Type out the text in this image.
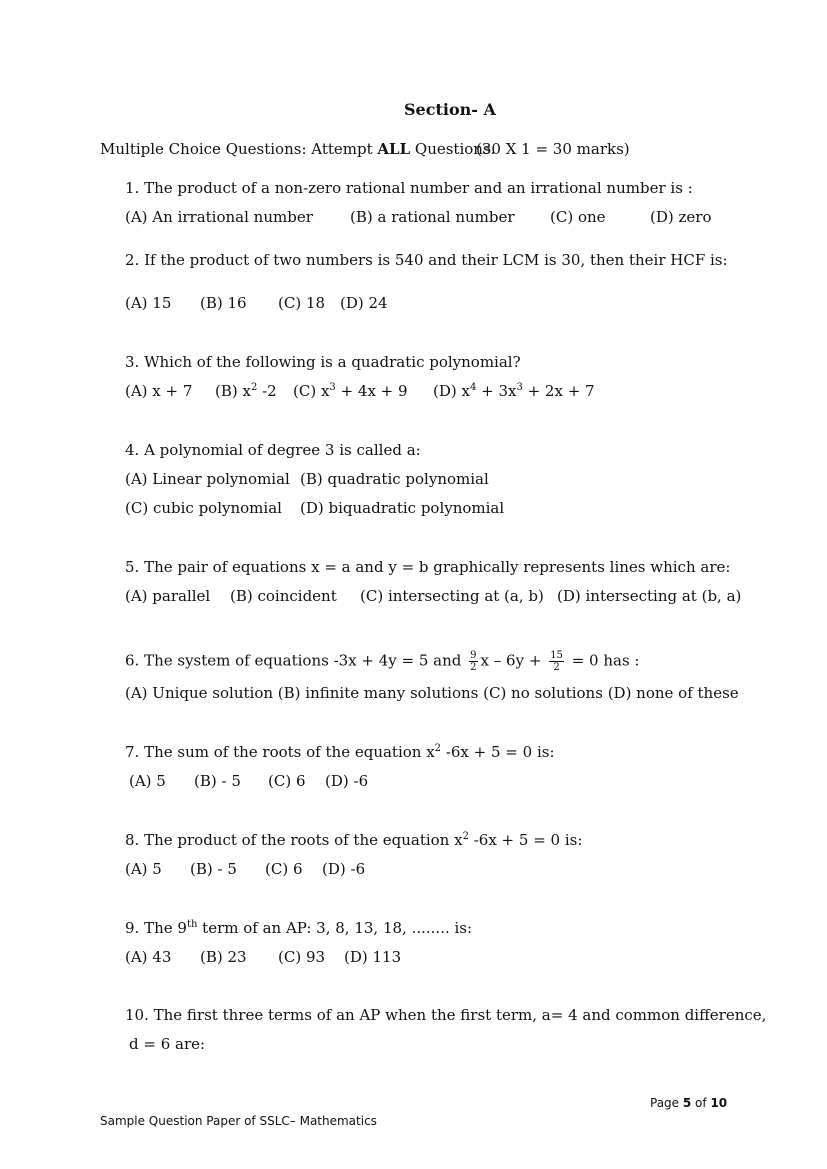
Section- A
Multiple Choice Questions: Attempt ALL Questions.
(30 X 1 = 30 marks)
1. The product of a non-zero rational number and an irrational number is :
(A) An irrational number (B) a rational number (C) one	(D) zero
2. If the product of two numbers is 540 and their LCM is 30, then their HCF is:
(A) 15 (B) 16 (C) 18 (D) 24
3. Which of the following is a quadratic polynomial?
(A) x + 7 (B) $x^2$ -2 (C) $x^3 + 4x + 9$ (D) $x^4 + 3x^3 + 2x + 7$
4. A polynomial of degree 3 is called a:
(A) Linear polynomial (B) quadratic polynomial
(C) cubic polynomial (D) biquadratic polynomial
5. The pair of equations x = a and y = b graphically represents lines which are:
(A) parallel (B) coincident (C) intersecting at (a, b) (D) intersecting at (b, a)
6. The system of equations -3x + 4y = 5 and $\frac{9}{2}$ $x - 6y + \frac{15}{2} = 0$ has :
(A) Unique solution (B) infinite many solutions (C) no solutions (D) none of these
7. The sum of the roots of the equation $x^2$ -6x + 5 = 0 is:
(A) 5 (B) - 5 (C) 6 (D) -6
8. The product of the roots of the equation $x^2$ -6x + 5 = 0 is:
(A) 5 (B) - 5 (C) 6 (D) -6
9. The 9th term of an AP: 3, 8, 13, 18, ........ is:
(A) 43 (B) 23 (C) 93 (D) 113
10. The first three terms of an AP when the first term, a= 4 and common difference,
d = 6 are:
Page 5 of 10
Sample Question Paper of SSLC– Mathematics
